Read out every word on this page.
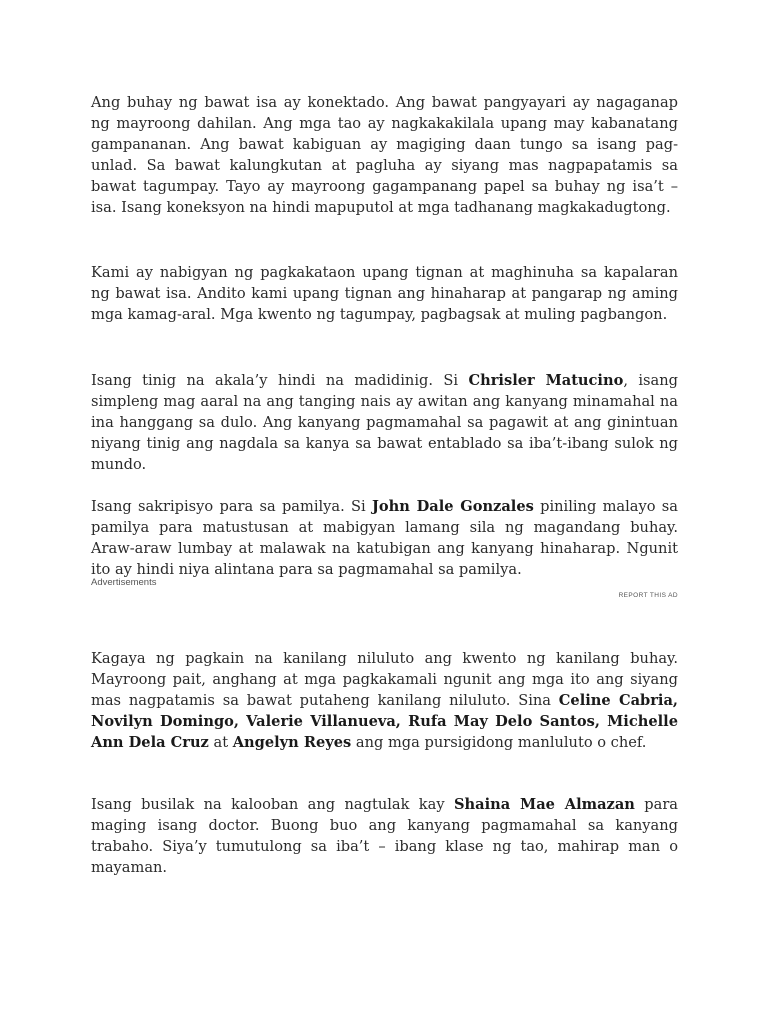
Ang buhay ng bawat isa ay konektado. Ang bawat pangyayari ay nagaganap ng mayroong dahilan. Ang mga tao ay nagkakakilala upang may kabanatang gampananan. Ang bawat kabiguan ay magiging daan tungo sa isang pag-unlad. Sa bawat kalungkutan at pagluha ay siyang mas nagpapatamis sa bawat tagumpay. Tayo ay mayroong gagampanang papel sa buhay ng isa’t – isa. Isang koneksyon na hindi mapuputol at mga tadhanang magkakadugtong.

Kami ay nabigyan ng pagkakataon upang tignan at maghinuha sa kapalaran ng bawat isa. Andito kami upang tignan ang hinaharap at pangarap ng aming mga kamag-aral. Mga kwento ng tagumpay, pagbagsak at muling pagbangon.

Isang tinig na akala’y hindi na madidinig. Si Chrisler Matucino, isang simpleng mag aaral na ang tanging nais ay awitan ang kanyang minamahal na ina hanggang sa dulo. Ang kanyang pagmamahal sa pagawit at ang ginintuan niyang tinig ang nagdala sa kanya sa bawat entablado sa iba’t-ibang sulok ng mundo.

Isang sakripisyo para sa pamilya. Si John Dale Gonzales piniling malayo sa pamilya para matustusan at mabigyan lamang sila ng magandang buhay. Araw-araw lumbay at malawak na katubigan ang kanyang hinaharap. Ngunit ito ay hindi niya alintana para sa pagmamahal sa pamilya.

Advertisements
REPORT THIS AD

Kagaya ng pagkain na kanilang niluluto ang kwento ng kanilang buhay. Mayroong pait, anghang at mga pagkakamali ngunit ang mga ito ang siyang mas nagpatamis sa bawat putaheng kanilang niluluto. Sina Celine Cabria, Novilyn Domingo, Valerie Villanueva, Rufa May Delo Santos, Michelle Ann Dela Cruz at Angelyn Reyes ang mga pursigidong manluluto o chef.

Isang busilak na kalooban ang nagtulak kay Shaina Mae Almazan para maging isang doctor. Buong buo ang kanyang pagmamahal sa kanyang trabaho. Siya’y tumutulong sa iba’t – ibang klase ng tao, mahirap man o mayaman.
